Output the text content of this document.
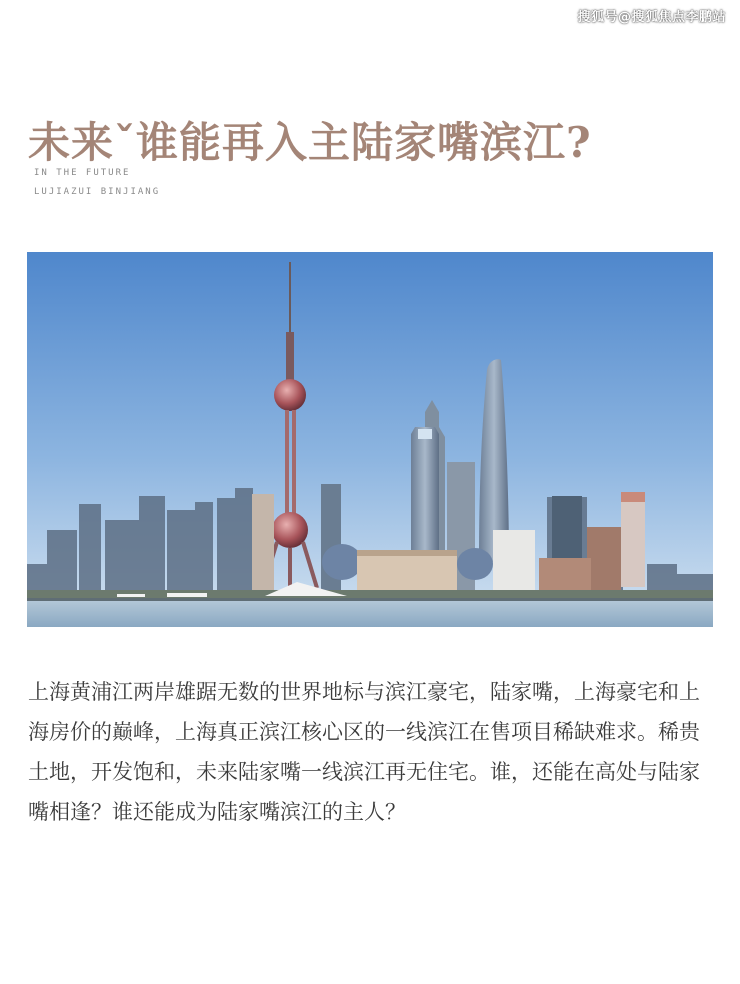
搜狐号@搜狐焦点李鹏站
未来ˇ谁能再入主陆家嘴滨江?
IN THE FUTURE
LUJIAZUI BINJIANG

上海黄浦江两岸雄踞无数的世界地标与滨江豪宅，陆家嘴，上海豪宅和上海房价的巅峰，上海真正滨江核心区的一线滨江在售项目稀缺难求。稀贵土地，开发饱和，未来陆家嘴一线滨江再无住宅。谁，还能在高处与陆家嘴相逢？谁还能成为陆家嘴滨江的主人？
